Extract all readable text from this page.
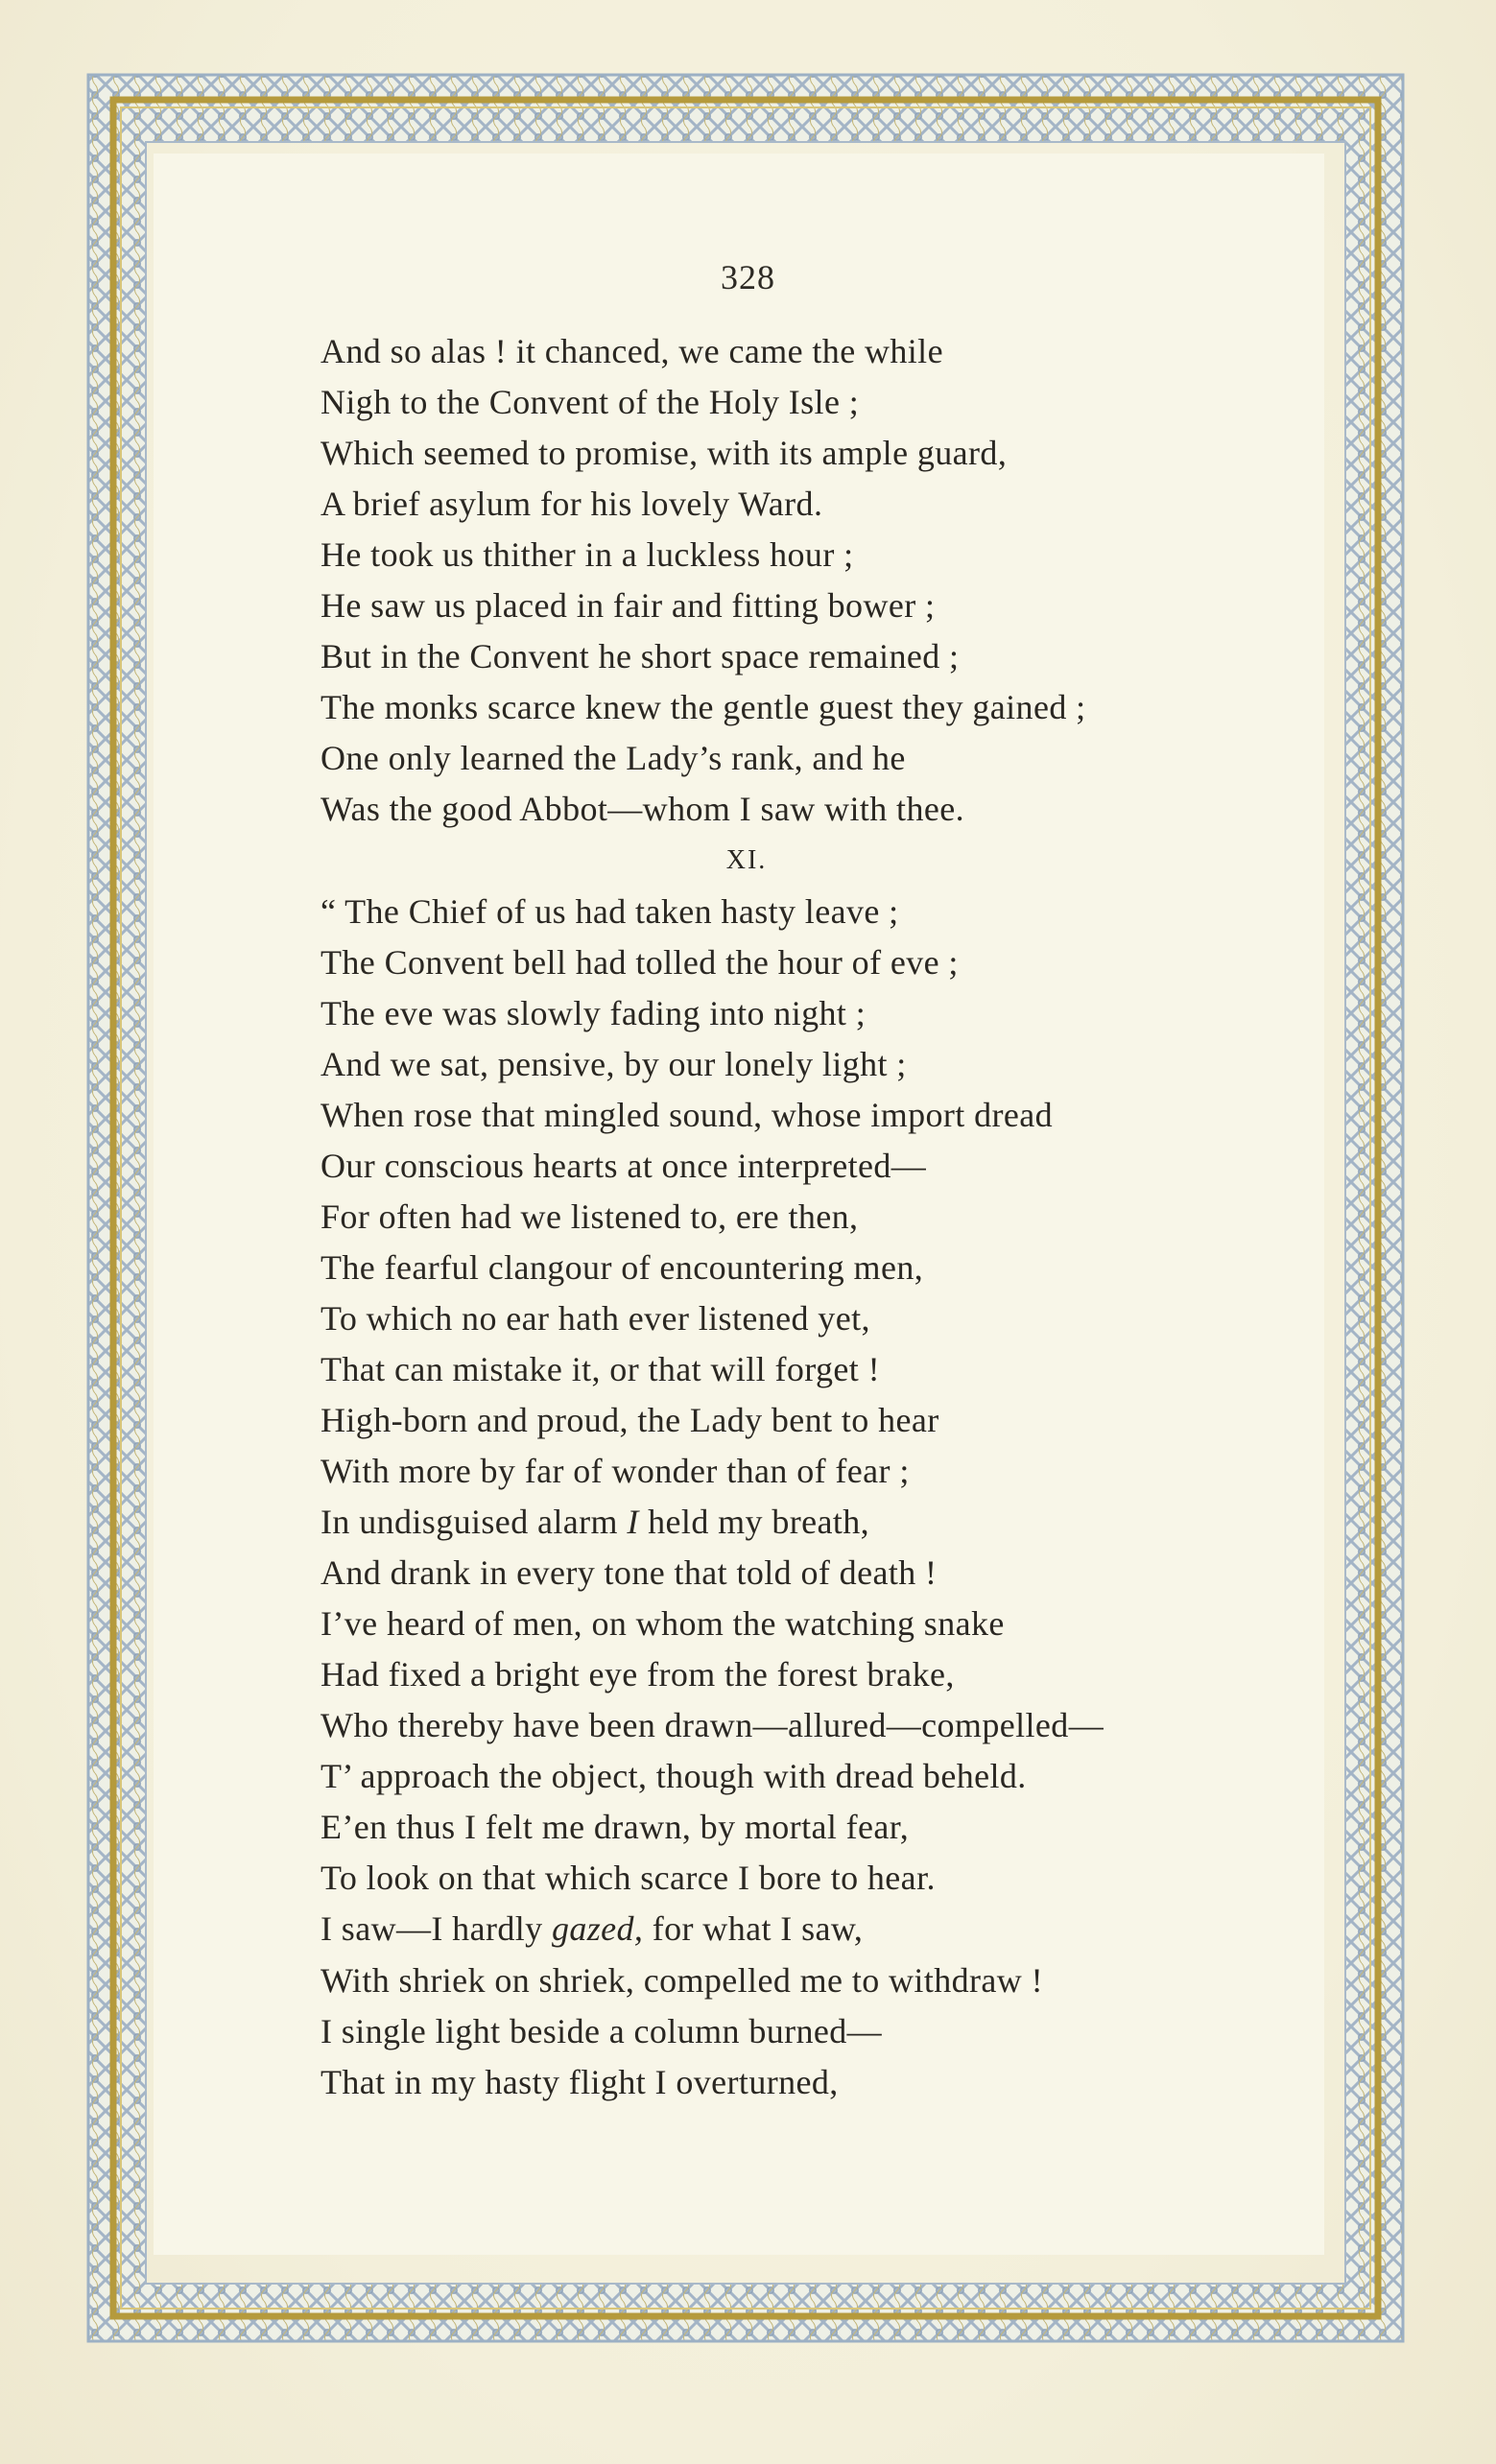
328
And so alas ! it chanced, we came the while
Nigh to the Convent of the Holy Isle ;
Which seemed to promise, with its ample guard,
A brief asylum for his lovely Ward.
He took us thither in a luckless hour ;
He saw us placed in fair and fitting bower ;
But in the Convent he short space remained ;
The monks scarce knew the gentle guest they gained ;
One only learned the Lady’s rank, and he
Was the good Abbot—whom I saw with thee.
XI.
“ The Chief of us had taken hasty leave ;
The Convent bell had tolled the hour of eve ;
The eve was slowly fading into night ;
And we sat, pensive, by our lonely light ;
When rose that mingled sound, whose import dread
Our conscious hearts at once interpreted—
For often had we listened to, ere then,
The fearful clangour of encountering men,
To which no ear hath ever listened yet,
That can mistake it, or that will forget !
High-born and proud, the Lady bent to hear
With more by far of wonder than of fear ;
In undisguised alarm I held my breath,
And drank in every tone that told of death !
I’ve heard of men, on whom the watching snake
Had fixed a bright eye from the forest brake,
Who thereby have been drawn—allured—compelled—
T’ approach the object, though with dread beheld.
E’en thus I felt me drawn, by mortal fear,
To look on that which scarce I bore to hear.
I saw—I hardly gazed, for what I saw,
With shriek on shriek, compelled me to withdraw !
I single light beside a column burned—
That in my hasty flight I overturned,
